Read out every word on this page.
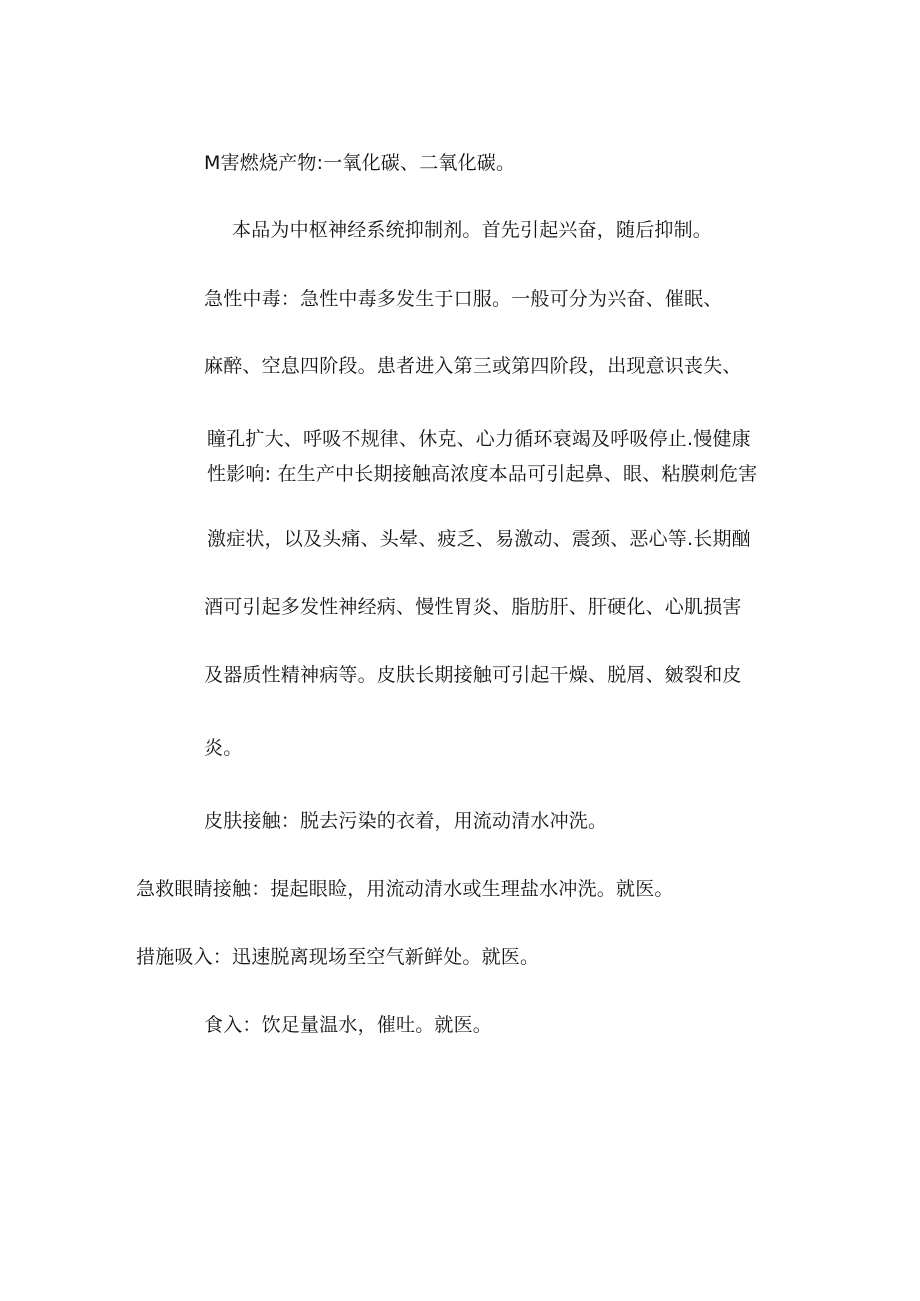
M害燃烧产物:一氧化碳、二氧化碳。
本品为中枢神经系统抑制剂。首先引起兴奋，随后抑制。
急性中毒：急性中毒多发生于口服。一般可分为兴奋、催眠、
麻醉、空息四阶段。患者进入第三或第四阶段，出现意识丧失、
瞳孔扩大、呼吸不规律、休克、心力循环衰竭及呼吸停止.慢健康
性影响: 在生产中长期接触高浓度本品可引起鼻、眼、粘膜刺危害
激症状，以及头痛、头晕、疲乏、易激动、震颈、恶心等.长期酗
酒可引起多发性神经病、慢性胃炎、脂肪肝、肝硬化、心肌损害
及器质性精神病等。皮肤长期接触可引起干燥、脱屑、皴裂和皮
炎。
皮肤接触：脱去污染的衣着，用流动清水冲洗。
急救眼睛接触：提起眼睑，用流动清水或生理盐水冲洗。就医。
措施吸入：迅速脱离现场至空气新鲜处。就医。
食入：饮足量温水，催吐。就医。
